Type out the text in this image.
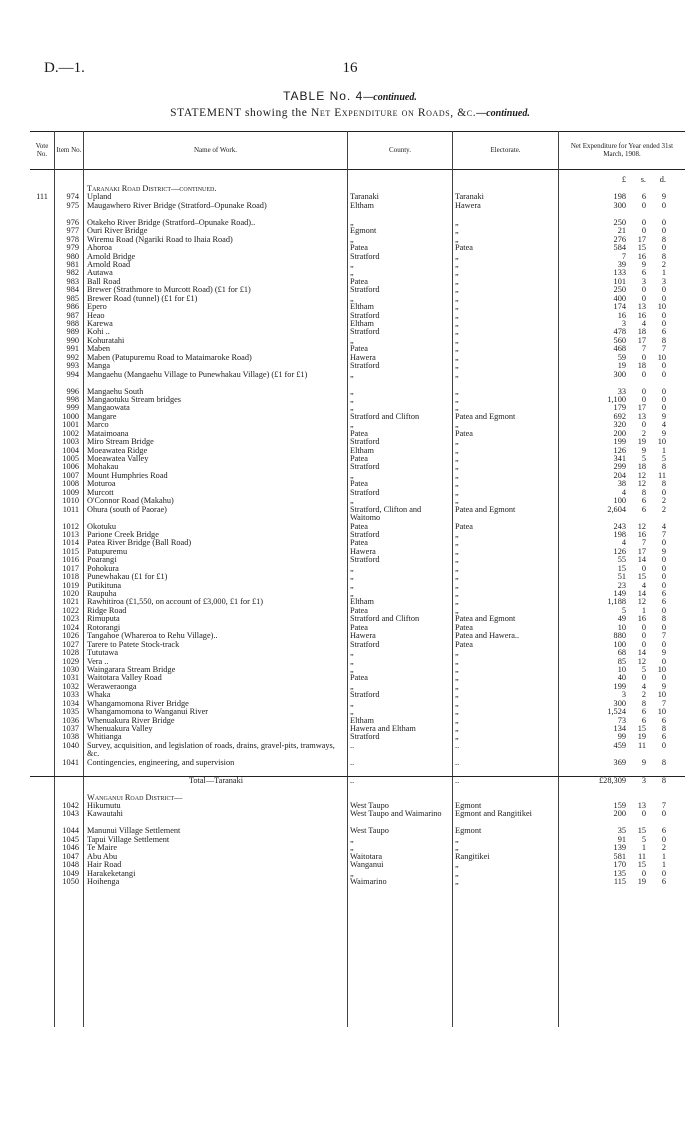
D.—1.	16
TABLE No. 4—continued.
STATEMENT showing the Net Expenditure on Roads, &c.—continued.
Vote No.	Item No.	Name of Work.	County.	Electorate.	Net Expenditure for Year ended 31st March, 1908.
£	s.	d.
Taranaki Road District—continued.
111	974 Upland	Taranaki	Taranaki	198	6	9
975 Maugawhero River Bridge (Stratford–Opunake Road)	Eltham	Hawera	300	0	0
976 Otakeho River Bridge (Stratford–Opunake Road)..	„	„	250	0	0
977 Ouri River Bridge	Egmont	„	21	0	0
978 Wiremu Road (Ngariki Road to Ihaia Road)	„	„	276	17	8
979 Ahoroa	Patea	Patea	584	15	0
980 Arnold Bridge	Stratford	„	7	16	8
981 Arnold Road	„	„	39	9	2
982 Autawa	„	„	133	6	1
983 Ball Road	Patea	„	101	3	3
984 Brewer (Strathmore to Murcott Road) (£1 for £1)	Stratford	„	250	0	0
985 Brewer Road (tunnel) (£1 for £1)	„	„	400	0	0
986 Epero	Eltham	„	174	13	10
987 Heao	Stratford	„	16	16	0
988 Karewa	Eltham	„	3	4	0
989 Kohi ..	Stratford	„	478	18	6
990 Kohuratahi	„	„	560	17	8
991 Maben	Patea	„	468	7	7
992 Maben (Patupuremu Road to Mataimaroke Road)	Hawera	„	59	0	10
993 Manga	Stratford	„	19	18	0
994 Mangaehu (Mangaehu Village to Punewhakau Village) (£1 for £1)	„	„	300	0	0
996 Mangaehu South	„	„	33	0	0
998 Mangaotuku Stream bridges	„	„	1,100	0	0
999 Mangaowata	„	„	179	17	0
1000 Mangare	Stratford and Clifton	Patea and Egmont	692	13	9
1001 Marco	„	„	320	0	4
1002 Mataimoana	Patea	Patea	200	2	9
1003 Miro Stream Bridge	Stratford	„	199	19	10
1004 Moeawatea Ridge	Eltham	„	126	9	1
1005 Moeawatea Valley	Patea	„	341	5	5
1006 Mohakau	Stratford	„	299	18	8
1007 Mount Humphries Road	„	„	204	12	11
1008 Moturoa	Patea	„	38	12	8
1009 Murcott	Stratford	„	4	8	0
1010 O'Connor Road (Makahu)	„	„	100	6	2
1011 Ohura (south of Paorae)	Stratford, Clifton and Waitomo
Patea and Egmont	2,604	6	2
1012 Okotuku	Patea	Patea	243	12	4
1013 Parione Creek Bridge	Stratford	„	198	16	7
1014 Patea River Bridge (Ball Road)	Patea	„	4	7	0
1015 Patupuremu	Hawera	„	126	17	9
1016 Poarangi	Stratford	„	55	14	0
1017 Pohokura	„	„	15	0	0
1018 Punewhakau (£1 for £1)	„	„	51	15	0
1019 Putikituna	„	„	23	4	0
1020 Raupuha	„	„	149	14	6
1021 Rawhitiroa (£1,550, on account of £3,000, £1 for £1)	Eltham	„	1,188	12	6
1022 Ridge Road	Patea	„	5	1	0
1023 Rimuputa	Stratford and Clifton	Patea and Egmont	49	16	8
1024 Rotorangi	Patea	Patea	10	0	0
1026 Tangahoe (Whareroa to Rehu Village)..	Hawera	Patea and Hawera..	880	0	7
1027 Tarere to Patete Stock-track	Stratford	Patea	100	0	0
1028 Tututawa	„	„	68	14	9
1029 Vera ..	„	„	85	12	0
1030 Waingarara Stream Bridge	„	„	10	5	10
1031 Waitotara Valley Road	Patea	„	40	0	0
1032 Weraweraonga	„	„	199	4	9
1033 Whaka	Stratford	„	3	2	10
1034 Whangamomona River Bridge	„	„	300	8	7
1035 Whangamomona to Wanganui River	„	„	1,524	6	10
1036 Whenuakura River Bridge	Eltham	„	73	6	6
1037 Whenuakura Valley	Hawera and Eltham	„	134	15	8
1038 Whitianga	Stratford	„	99	19	6
1040 Survey, acquisition, and legislation of roads, drains, gravel-pits, tramways, &c.
..	..	459	11	0
1041 Contingencies, engineering, and supervision	..	..	369	9	8
Total—Taranaki	..	..	£28,309	3	8
Wanganui Road District—
1042 Hikumutu	West Taupo	Egmont	159	13	7
1043 Kawautahi	West Taupo and Waimarino	Egmont and Rangitikei	200	0	0
1044 Manunui Village Settlement	West Taupo	Egmont	35	15	6
1045 Tapui Village Settlement	„	„	91	5	0
1046 Te Maire	„	„	139	1	2
1047 Abu Abu	Waitotara	Rangitikei	581	11	1
1048 Hair Road	Wanganui	„	170	15	1
1049 Harakeketangi	„	„	135	0	0
1050 Hoihenga	Waimarino	„	115	19	6
